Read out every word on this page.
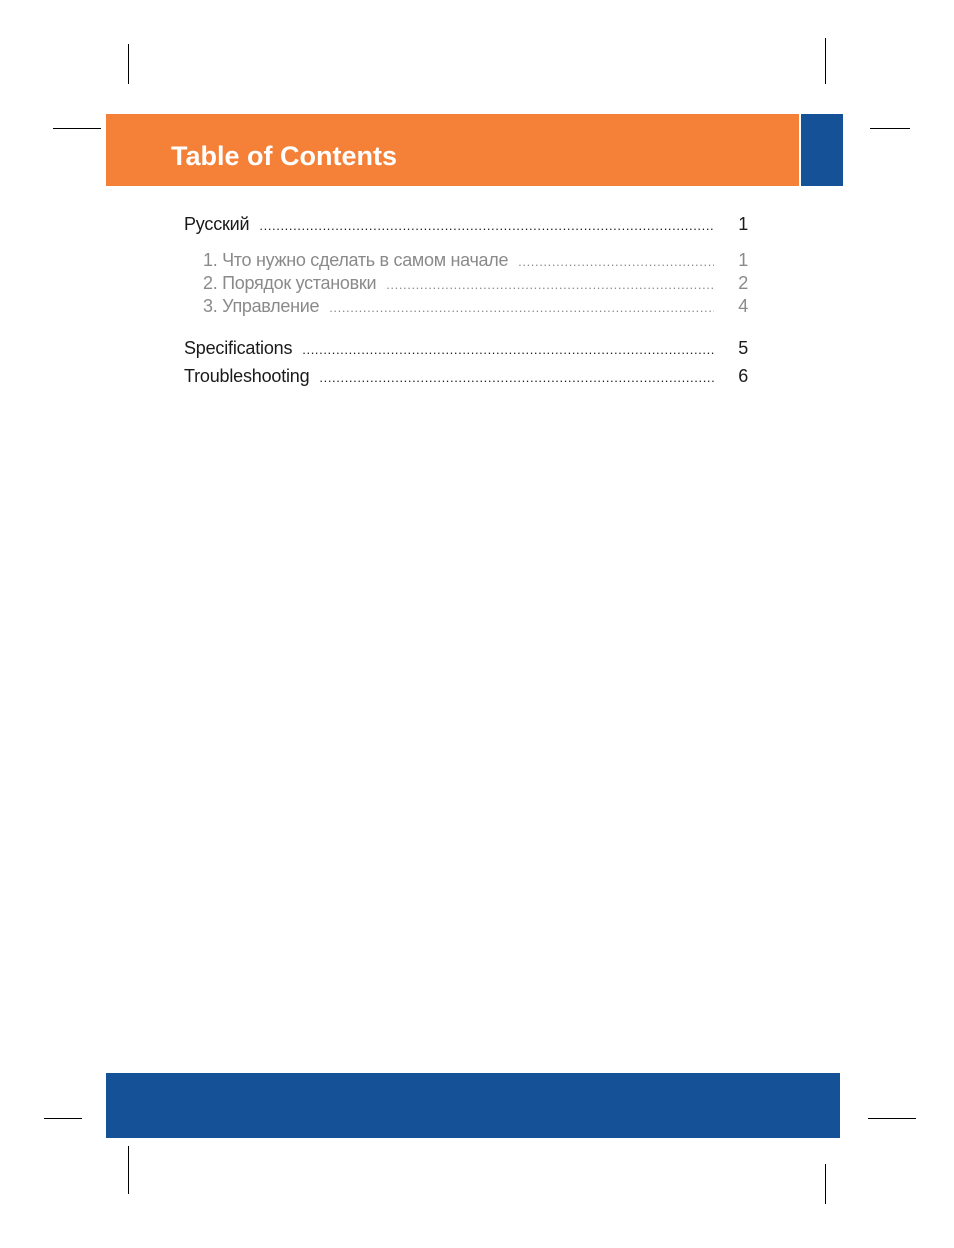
Table of Contents
Русский .....	1
1. Что нужно сделать в самом начале .....	1
2. Порядок установки .....	2
3. Управление .....	4
Specifications .....	5
Troubleshooting .....	6
